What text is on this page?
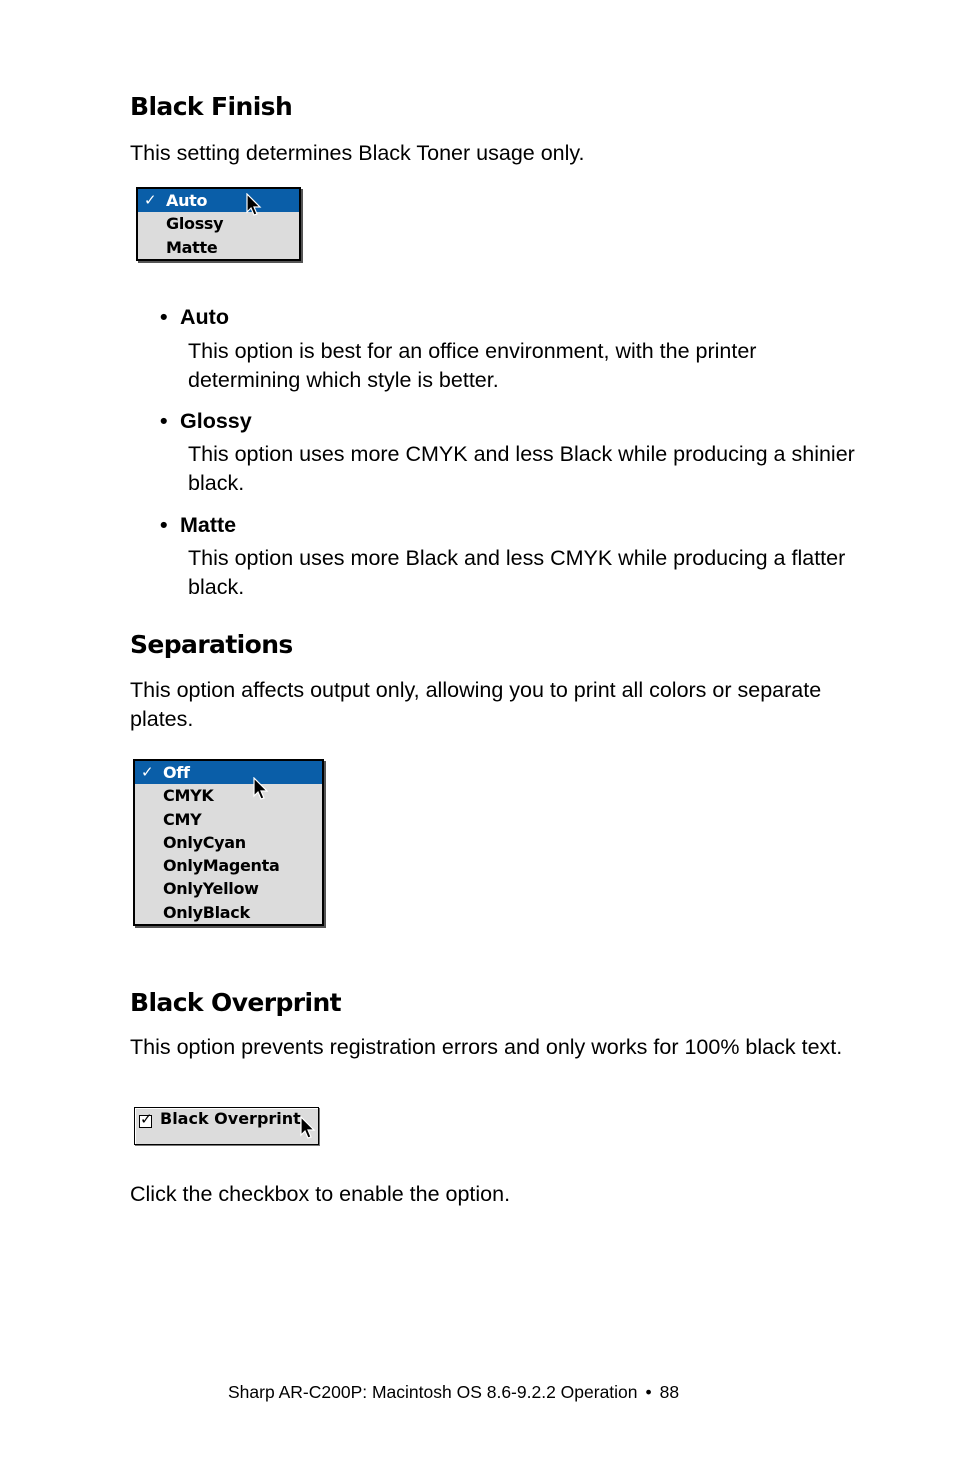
Black Finish

This setting determines Black Toner usage only.

✓ Auto
Glossy
Matte

• Auto

This option is best for an office environment, with the printer determining which style is better.

• Glossy

This option uses more CMYK and less Black while producing a shinier black.

• Matte

This option uses more Black and less CMYK while producing a flatter black.

Separations

This option affects output only, allowing you to print all colors or separate plates.

✓ Off
CMYK
CMY
OnlyCyan
OnlyMagenta
OnlyYellow
OnlyBlack
Black Overprint

This option prevents registration errors and only works for 100% black text.

✓ Black Overprint

Click the checkbox to enable the option.

Sharp AR-C200P: Macintosh OS 8.6-9.2.2 Operation • 88
